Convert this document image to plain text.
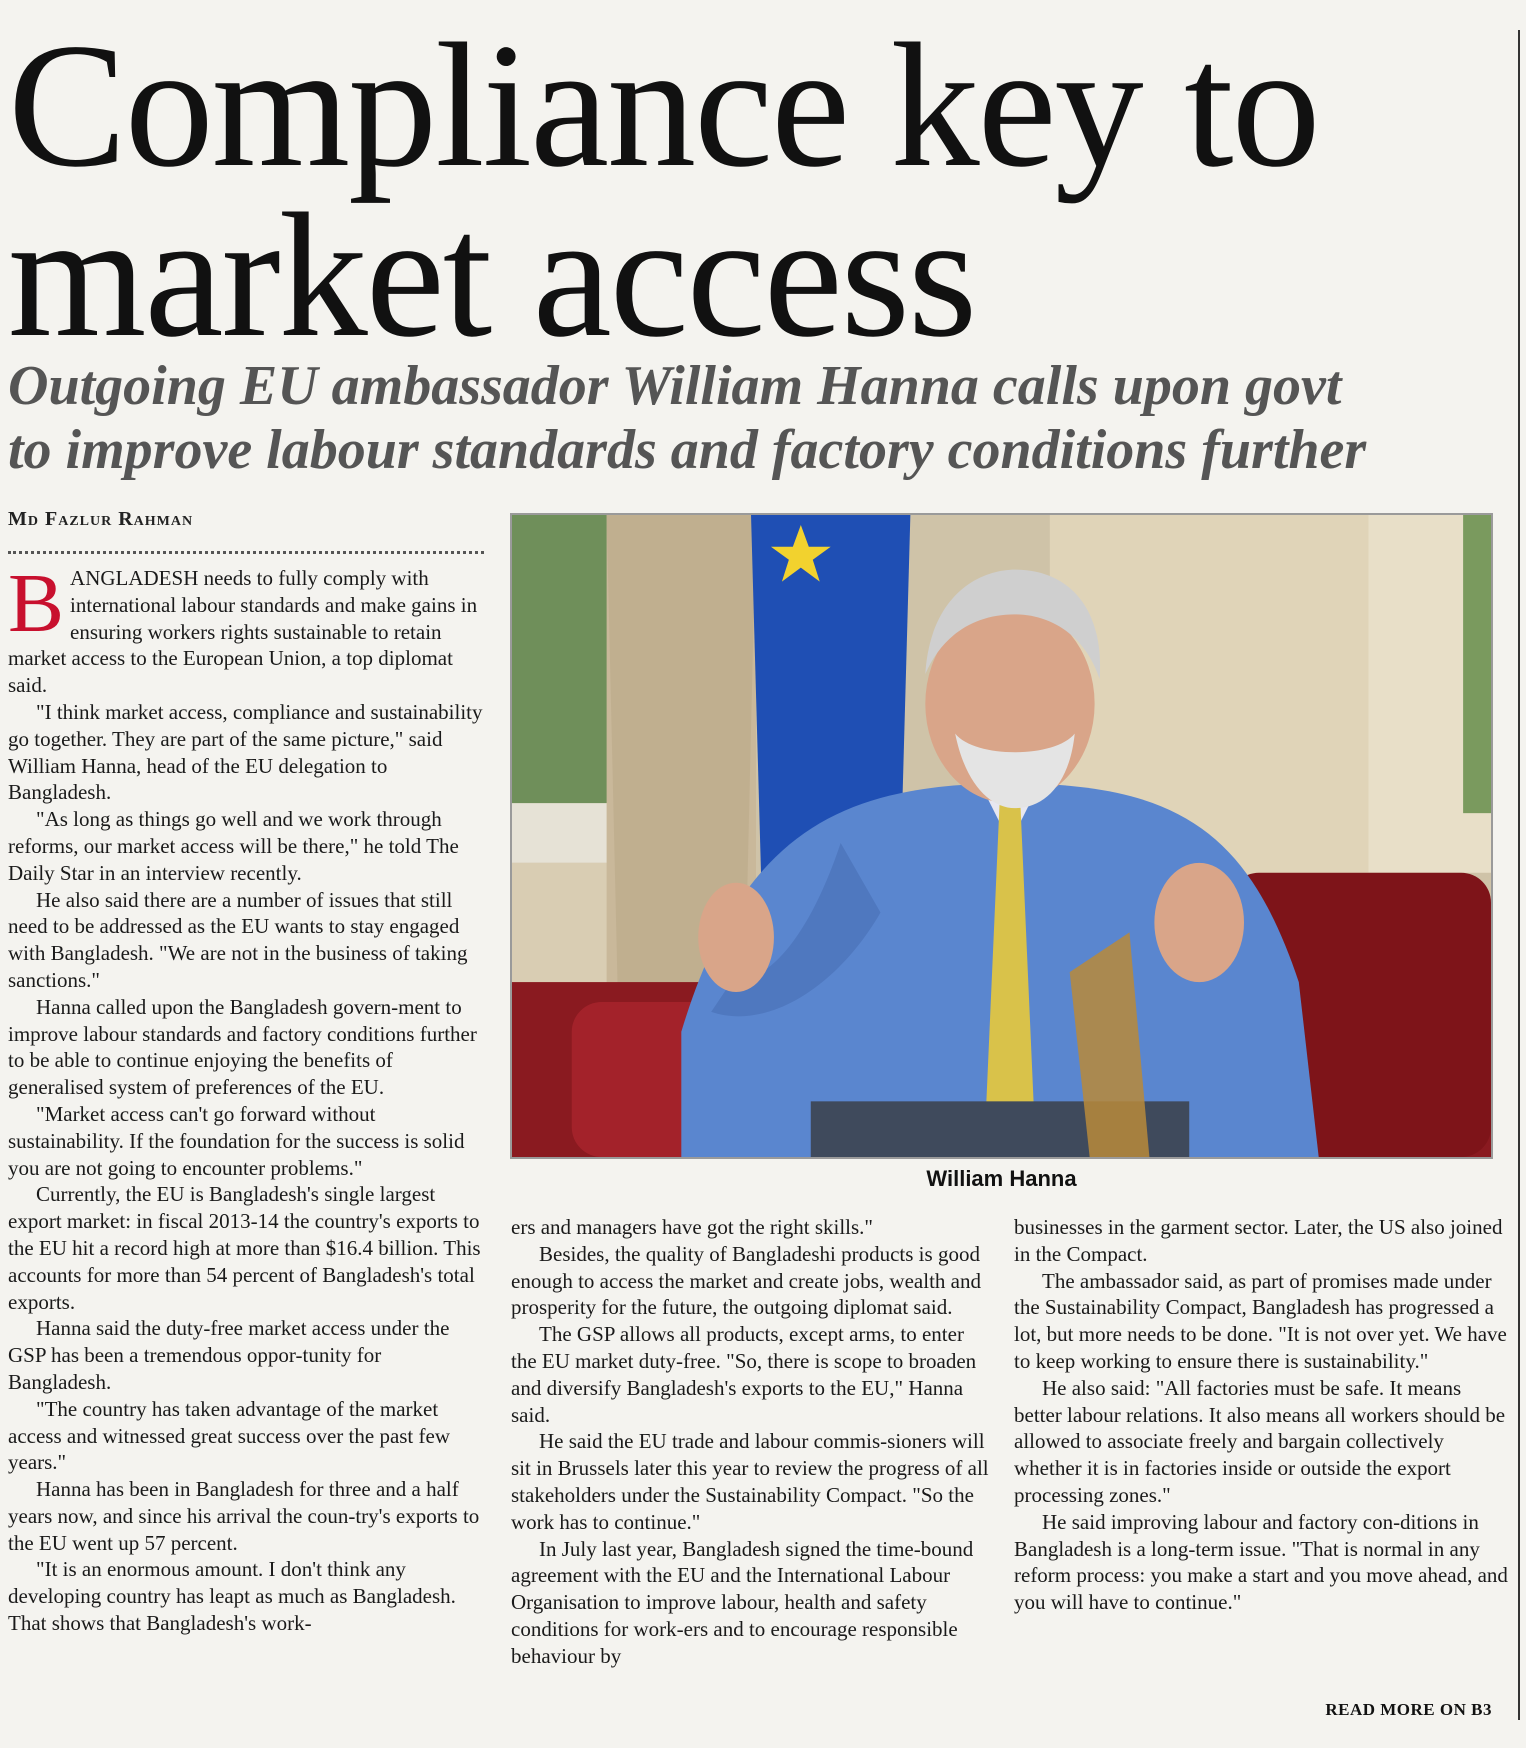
Compliance key to
market access
Outgoing EU ambassador William Hanna calls upon govt
to improve labour standards and factory conditions further
Md Fazlur Rahman

BANGLADESH needs to fully comply with international labour standards and make gains in ensuring workers rights sustainable to retain market access to the European Union, a top diplomat said.

"I think market access, compliance and sustainability go together. They are part of the same picture," said William Hanna, head of the EU delegation to Bangladesh.

"As long as things go well and we work through reforms, our market access will be there," he told The Daily Star in an interview recently.

He also said there are a number of issues that still need to be addressed as the EU wants to stay engaged with Bangladesh. "We are not in the business of taking sanctions."

Hanna called upon the Bangladesh govern-ment to improve labour standards and factory conditions further to be able to continue enjoying the benefits of generalised system of preferences of the EU.

"Market access can't go forward without sustainability. If the foundation for the success is solid you are not going to encounter problems."

Currently, the EU is Bangladesh's single largest export market: in fiscal 2013-14 the country's exports to the EU hit a record high at more than $16.4 billion. This accounts for more than 54 percent of Bangladesh's total exports.

Hanna said the duty-free market access under the GSP has been a tremendous oppor-tunity for Bangladesh.

"The country has taken advantage of the market access and witnessed great success over the past few years."

Hanna has been in Bangladesh for three and a half years now, and since his arrival the coun-try's exports to the EU went up 57 percent.

"It is an enormous amount. I don't think any developing country has leapt as much as Bangladesh. That shows that Bangladesh's work-

William Hanna

ers and managers have got the right skills."

Besides, the quality of Bangladeshi products is good enough to access the market and create jobs, wealth and prosperity for the future, the outgoing diplomat said.

The GSP allows all products, except arms, to enter the EU market duty-free. "So, there is scope to broaden and diversify Bangladesh's exports to the EU," Hanna said.

He said the EU trade and labour commis-sioners will sit in Brussels later this year to review the progress of all stakeholders under the Sustainability Compact. "So the work has to continue."

In July last year, Bangladesh signed the time-bound agreement with the EU and the International Labour Organisation to improve labour, health and safety conditions for work-ers and to encourage responsible behaviour by

businesses in the garment sector. Later, the US also joined in the Compact.

The ambassador said, as part of promises made under the Sustainability Compact, Bangladesh has progressed a lot, but more needs to be done. "It is not over yet. We have to keep working to ensure there is sustainability."

He also said: "All factories must be safe. It means better labour relations. It also means all workers should be allowed to associate freely and bargain collectively whether it is in factories inside or outside the export processing zones."

He said improving labour and factory con-ditions in Bangladesh is a long-term issue. "That is normal in any reform process: you make a start and you move ahead, and you will have to continue."

READ MORE ON B3
